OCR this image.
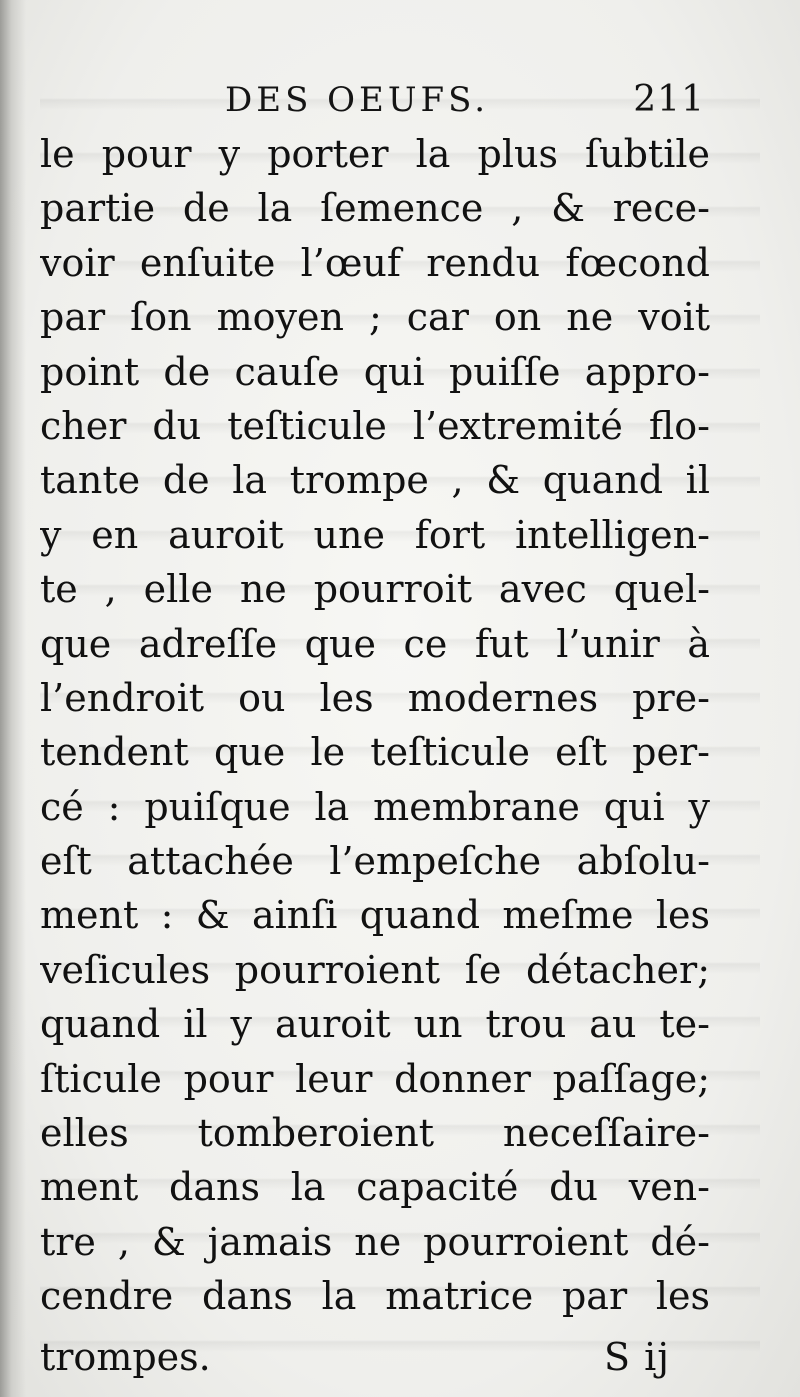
DES OEUFS.	211
le pour y porter la plus ſubtile
partie de la ſemence , & rece-
voir enſuite l’œuf rendu fœcond
par ſon moyen ; car on ne voit
point de cauſe qui puiſſe appro-
cher du teſticule l’extremité flo-
tante de la trompe , & quand il
y en auroit une fort intelligen-
te , elle ne pourroit avec quel-
que adreſſe que ce fut l’unir à
l’endroit ou les modernes pre-
tendent que le teſticule eſt per-
cé : puiſque la membrane qui y
eſt attachée l’empeſche abſolu-
ment : & ainſi quand meſme les
veſicules pourroient ſe détacher;
quand il y auroit un trou au te-
ſticule pour leur donner paſſage;
elles tomberoient neceſſaire-
ment dans la capacité du ven-
tre , & jamais ne pourroient dé-
cendre dans la matrice par les
trompes.	S ij
